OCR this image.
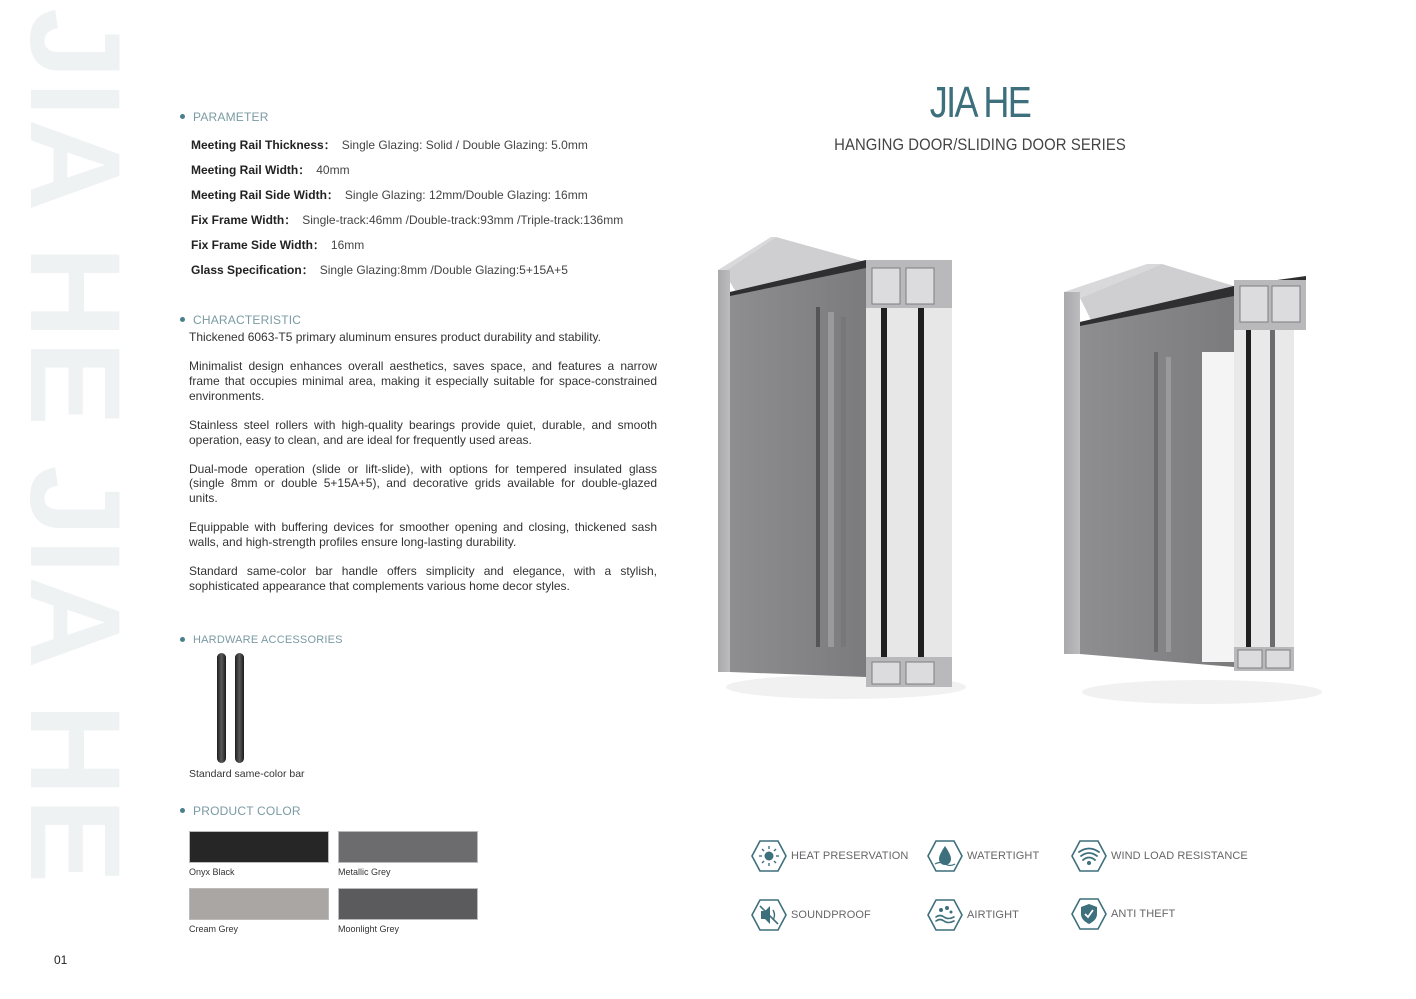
JIA HE JIA HE	PARAMETER
Meeting Rail Thickness： Single Glazing: Solid / Double Glazing: 5.0mm
Meeting Rail Width： 40mm
Meeting Rail Side Width： Single Glazing: 12mm/Double Glazing: 16mm
Fix Frame Width： Single-track:46mm /Double-track:93mm /Triple-track:136mm
Fix Frame Side Width： 16mm
Glass Specification： Single Glazing:8mm /Double Glazing:5+15A+5
CHARACTERISTIC

Thickened 6063-T5 primary aluminum ensures product durability and stability.

Minimalist design enhances overall aesthetics, saves space, and features a narrow frame that occupies minimal area, making it especially suitable for space-constrained environments.

Stainless steel rollers with high-quality bearings provide quiet, durable, and smooth operation, easy to clean, and are ideal for frequently used areas.

Dual-mode operation (slide or lift-slide), with options for tempered insulated glass (single 8mm or double 5+15A+5), and decorative grids available for double-glazed units.

Equippable with buffering devices for smoother opening and closing, thickened sash walls, and high-strength profiles ensure long-lasting durability.

Standard same-color bar handle offers simplicity and elegance, with a stylish, sophisticated appearance that complements various home decor styles.

HARDWARE ACCESSORIES
Standard same-color bar
PRODUCT COLOR
Onyx Black	Metallic Grey
Cream Grey	Moonlight Grey
01
JIA HE
HANGING DOOR/SLIDING DOOR SERIES
HEAT PRESERVATION	WATERTIGHT	WIND LOAD RESISTANCE
SOUNDPROOF	AIRTIGHT	ANTI THEFT
